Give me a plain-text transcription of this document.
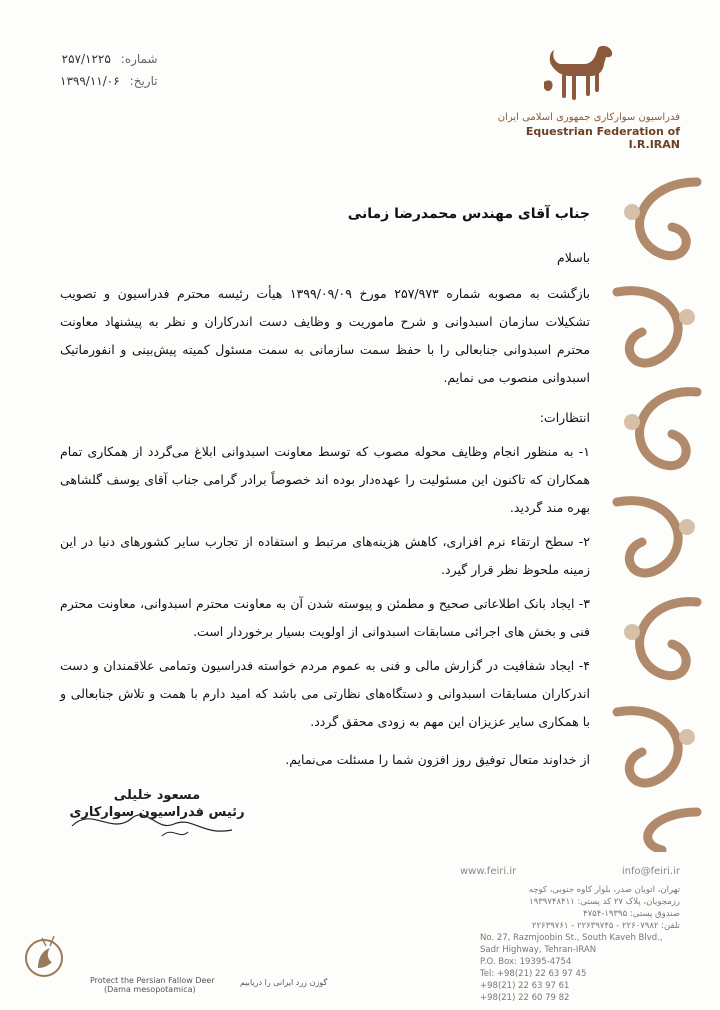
شماره:
۲۵۷/۱۲۲۵
تاریخ:
۱۳۹۹/۱۱/۰۶
فدراسیون سوارکاری جمهوری اسلامی ایران
Equestrian Federation of I.R.IRAN

جناب آقای مهندس محمدرضا زمانی

باسلام

بازگشت به مصوبه شماره ۲۵۷/۹۷۳ مورخ ۱۳۹۹/۰۹/۰۹ هیأت رئیسه محترم فدراسیون و تصویب تشکیلات سازمان اسبدوانی و شرح ماموریت و وظایف دست اندرکاران و نظر به پیشنهاد معاونت محترم اسبدوانی جنابعالی را با حفظ سمت سازمانی به سمت مسئول کمیته پیش‌بینی و انفورماتیک اسبدوانی منصوب می نمایم.

انتظارات:

۱- به منظور انجام وظایف محوله مصوب که توسط معاونت اسبدوانی ابلاغ می‌گردد از همکاری تمام همکاران که تاکنون این مسئولیت را عهده‌دار بوده اند خصوصاً برادر گرامی جناب آقای یوسف گلشاهی بهره مند گردید.

۲- سطح ارتقاء نرم افزاری، کاهش هزینه‌های مرتبط و استفاده از تجارب سایر کشورهای دنیا در این زمینه ملحوظ نظر قرار گیرد.

۳- ایجاد بانک اطلاعاتی صحیح و مطمئن و پیوسته شدن آن به معاونت محترم اسبدوانی، معاونت محترم فنی و بخش های اجرائی مسابقات اسبدوانی از اولویت بسیار برخوردار است.

۴- ایجاد شفافیت در گزارش مالی و فنی به عموم مردم خواسته فدراسیون وتمامی علاقمندان و دست اندرکاران مسابقات اسبدوانی و دستگاه‌های نظارتی می باشد که امید دارم با همت و تلاش جنابعالی و با همکاری سایر عزیزان این مهم به زودی محقق گردد.

از خداوند متعال توفیق روز افزون شما را مسئلت می‌نمایم.

مسعود خلیلی
رئیس فدراسیون سوارکاری
www.feiri.ir	info@feiri.ir
تهران، اتوبان صدر، بلوار کاوه جنوبی، کوچه
رزمجویان، پلاک ۲۷ کد پستی: ۱۹۳۹۷۴۸۴۱۱
صندوق پستی: ۱۹۳۹۵-۴۷۵۴
تلفن: ۲۲۶۰۷۹۸۲ - ۲۲۶۳۹۷۴۵ - ۲۲۶۳۹۷۶۱
No. 27, Razmjoobin St., South Kaveh Blvd.,
Sadr Highway, Tehran-IRAN
P.O. Box: 19395-4754
Tel: +98(21) 22 63 97 45
+98(21) 22 63 97 61
+98(21) 22 60 79 82
Protect the Persian Fallow Deer
(Dama mesopotamica)
گوزن زرد ایرانی را دریابیم
